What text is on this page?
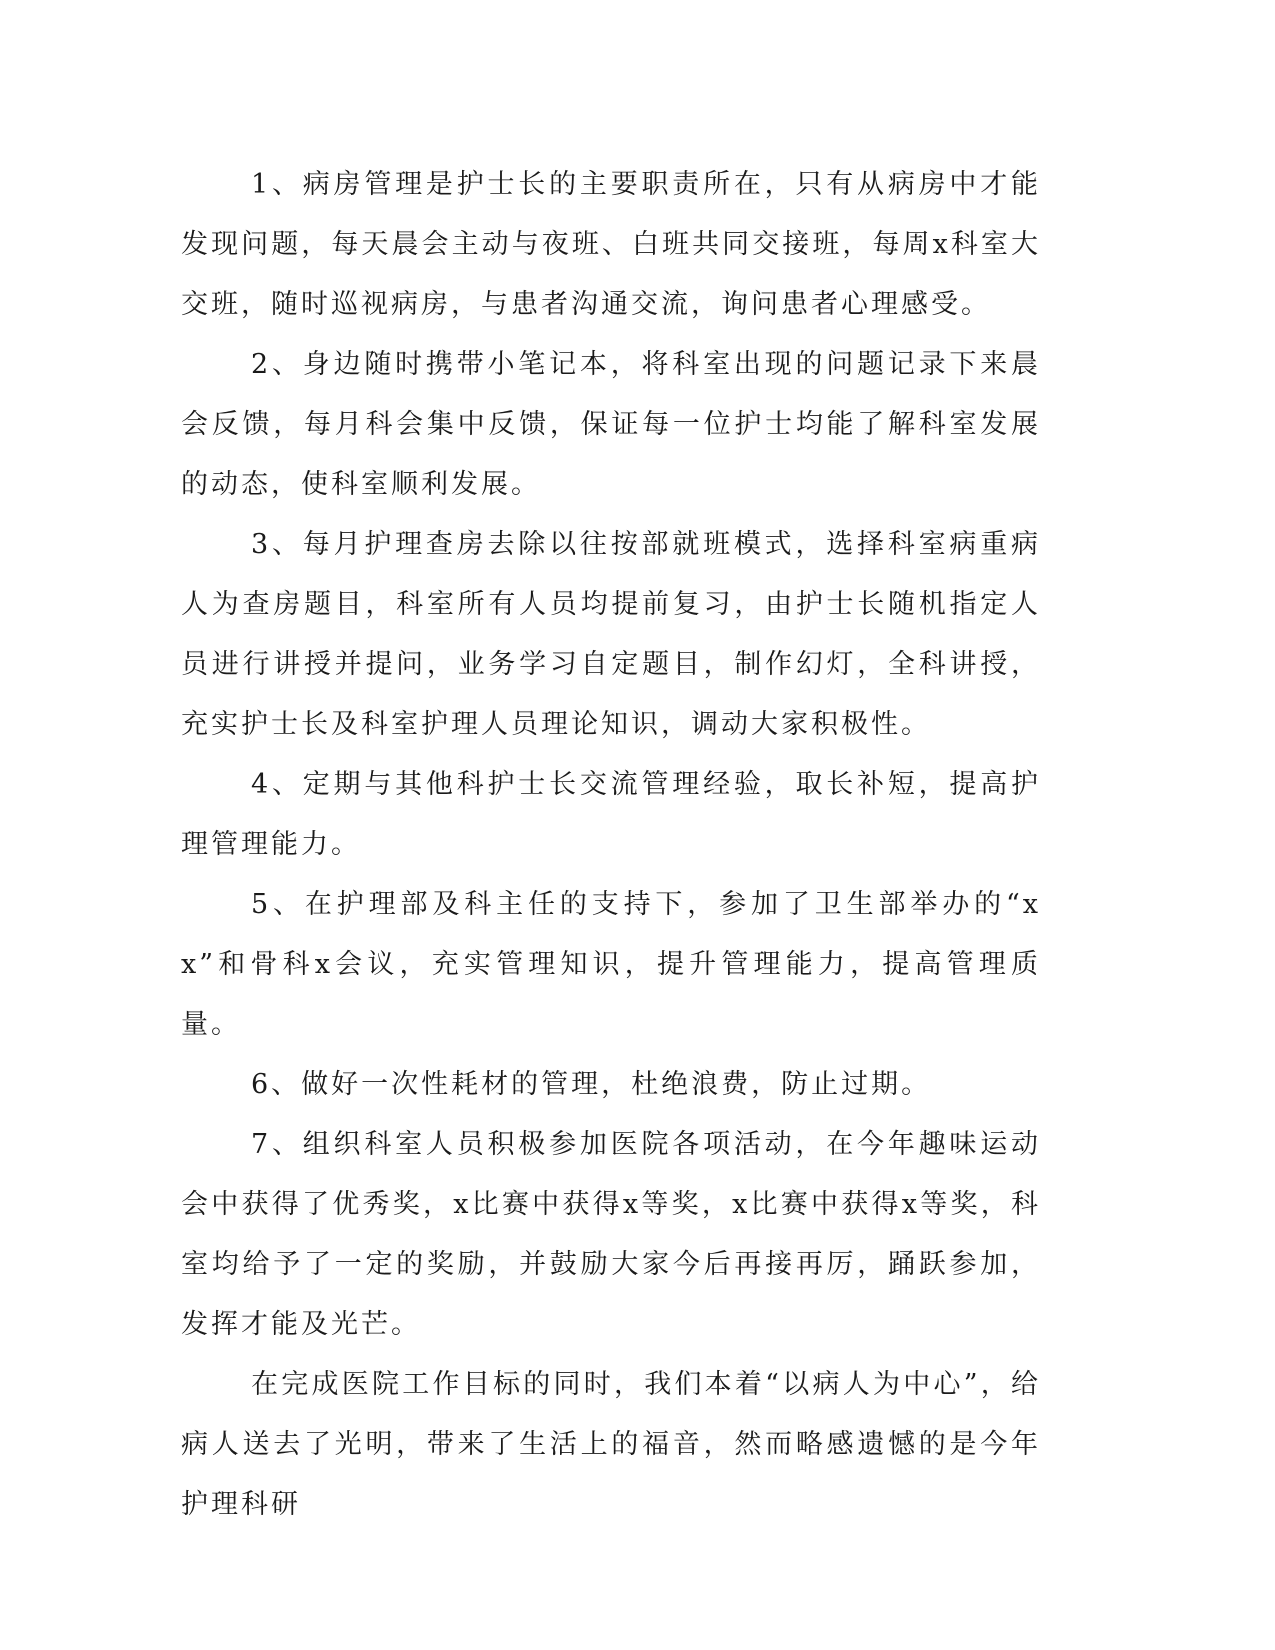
1、病房管理是护士长的主要职责所在，只有从病房中才能发现问题，每天晨会主动与夜班、白班共同交接班，每周x科室大交班，随时巡视病房，与患者沟通交流，询问患者心理感受。

2、身边随时携带小笔记本，将科室出现的问题记录下来晨会反馈，每月科会集中反馈，保证每一位护士均能了解科室发展的动态，使科室顺利发展。

3、每月护理查房去除以往按部就班模式，选择科室病重病人为查房题目，科室所有人员均提前复习，由护士长随机指定人员进行讲授并提问，业务学习自定题目，制作幻灯，全科讲授，充实护士长及科室护理人员理论知识，调动大家积极性。

4、定期与其他科护士长交流管理经验，取长补短，提高护理管理能力。

5、在护理部及科主任的支持下，参加了卫生部举办的“xx”和骨科x会议，充实管理知识，提升管理能力，提高管理质量。

6、做好一次性耗材的管理，杜绝浪费，防止过期。

7、组织科室人员积极参加医院各项活动，在今年趣味运动会中获得了优秀奖，x比赛中获得x等奖，x比赛中获得x等奖，科室均给予了一定的奖励，并鼓励大家今后再接再厉，踊跃参加，发挥才能及光芒。

在完成医院工作目标的同时，我们本着“以病人为中心”，给病人送去了光明，带来了生活上的福音，然而略感遗憾的是今年护理科研
